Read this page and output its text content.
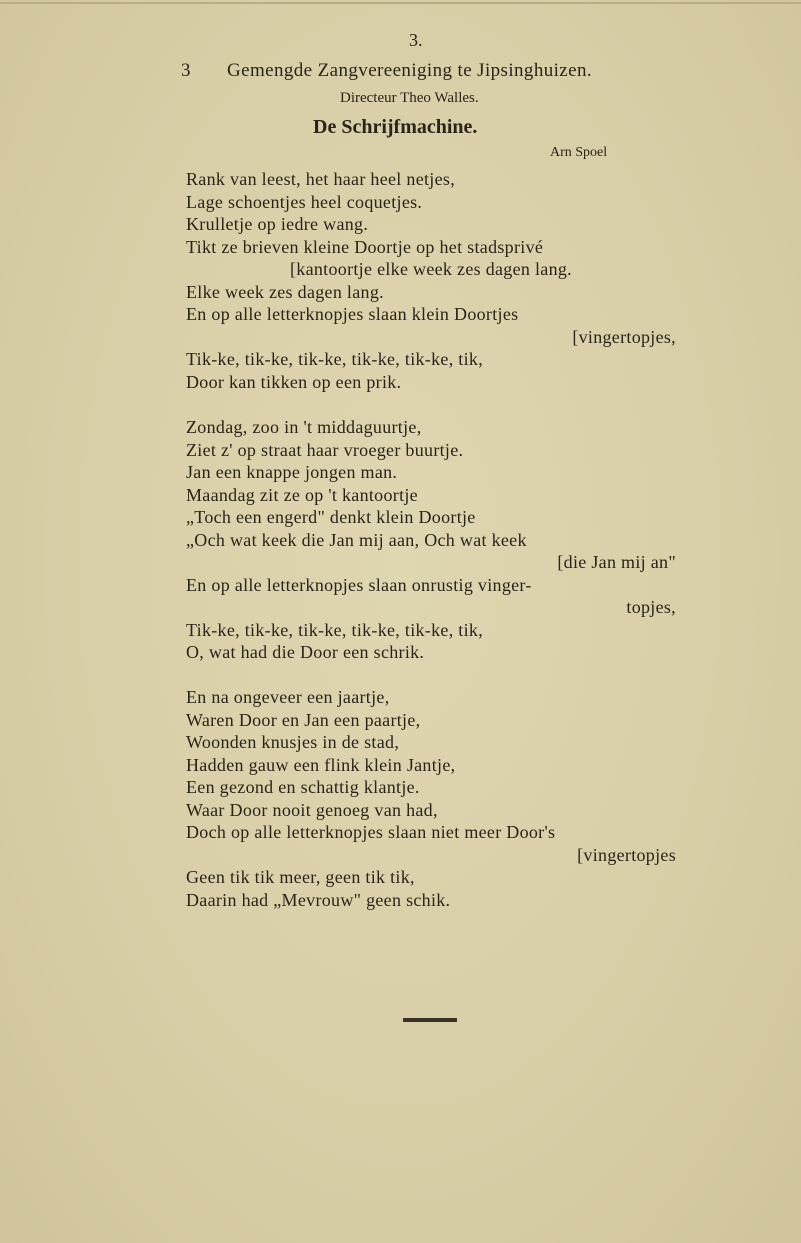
3.
3 Gemengde Zangvereeniging te Jipsinghuizen.
Directeur Theo Walles.
De Schrijfmachine.
Arn Spoel
Rank van leest, het haar heel netjes,
Lage schoentjes heel coquetjes.
Krulletje op iedre wang.
Tikt ze brieven kleine Doortje op het stadsprivé
[kantoortje elke week zes dagen lang.
Elke week zes dagen lang.
En op alle letterknopjes slaan klein Doortjes
[vingertopjes,
Tik-ke, tik-ke, tik-ke, tik-ke, tik-ke, tik,
Door kan tikken op een prik.
Zondag, zoo in 't middaguurtje,
Ziet z' op straat haar vroeger buurtje.
Jan een knappe jongen man.
Maandag zit ze op 't kantoortje
„Toch een engerd" denkt klein Doortje
„Och wat keek die Jan mij aan, Och wat keek
[die Jan mij an"
En op alle letterknopjes slaan onrustig vinger-
topjes,
Tik-ke, tik-ke, tik-ke, tik-ke, tik-ke, tik,
O, wat had die Door een schrik.
En na ongeveer een jaartje,
Waren Door en Jan een paartje,
Woonden knusjes in de stad,
Hadden gauw een flink klein Jantje,
Een gezond en schattig klantje.
Waar Door nooit genoeg van had,
Doch op alle letterknopjes slaan niet meer Door's
[vingertopjes
Geen tik tik meer, geen tik tik,
Daarin had „Mevrouw" geen schik.
